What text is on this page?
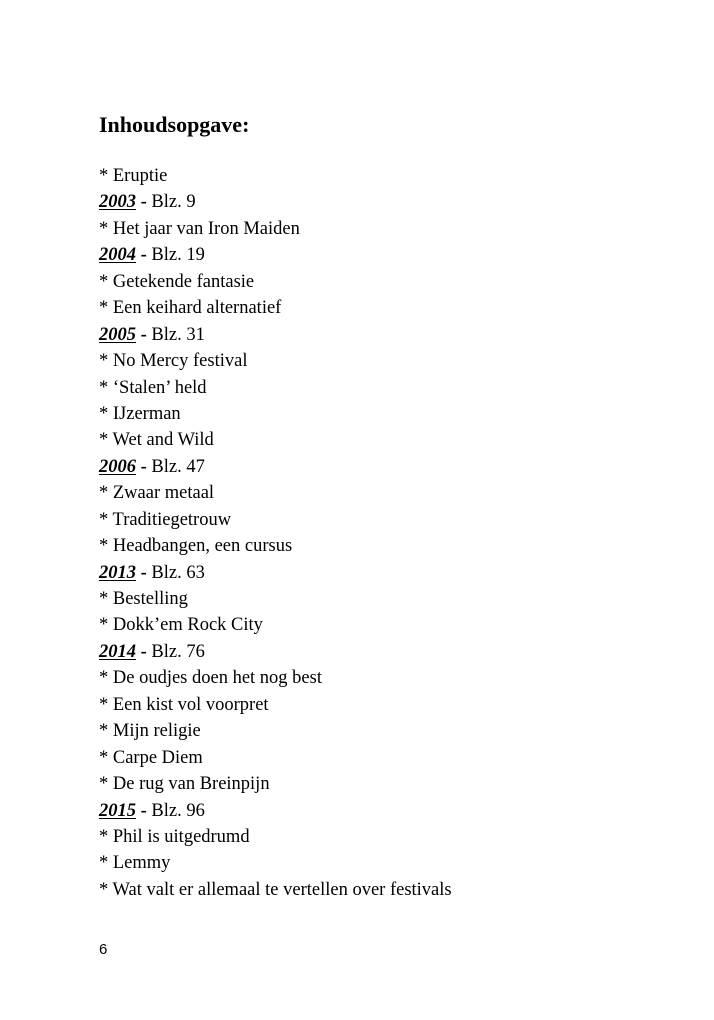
Inhoudsopgave:
* Eruptie
2003 - Blz. 9
* Het jaar van Iron Maiden
2004 - Blz. 19
* Getekende fantasie
* Een keihard alternatief
2005 - Blz. 31
* No Mercy festival
* ‘Stalen’ held
* IJzerman
* Wet and Wild
2006 - Blz. 47
* Zwaar metaal
* Traditiegetrouw
* Headbangen, een cursus
2013 - Blz. 63
* Bestelling
* Dokk’em Rock City
2014 - Blz. 76
* De oudjes doen het nog best
* Een kist vol voorpret
* Mijn religie
* Carpe Diem
* De rug van Breinpijn
2015 - Blz. 96
* Phil is uitgedrumd
* Lemmy
* Wat valt er allemaal te vertellen over festivals
6
